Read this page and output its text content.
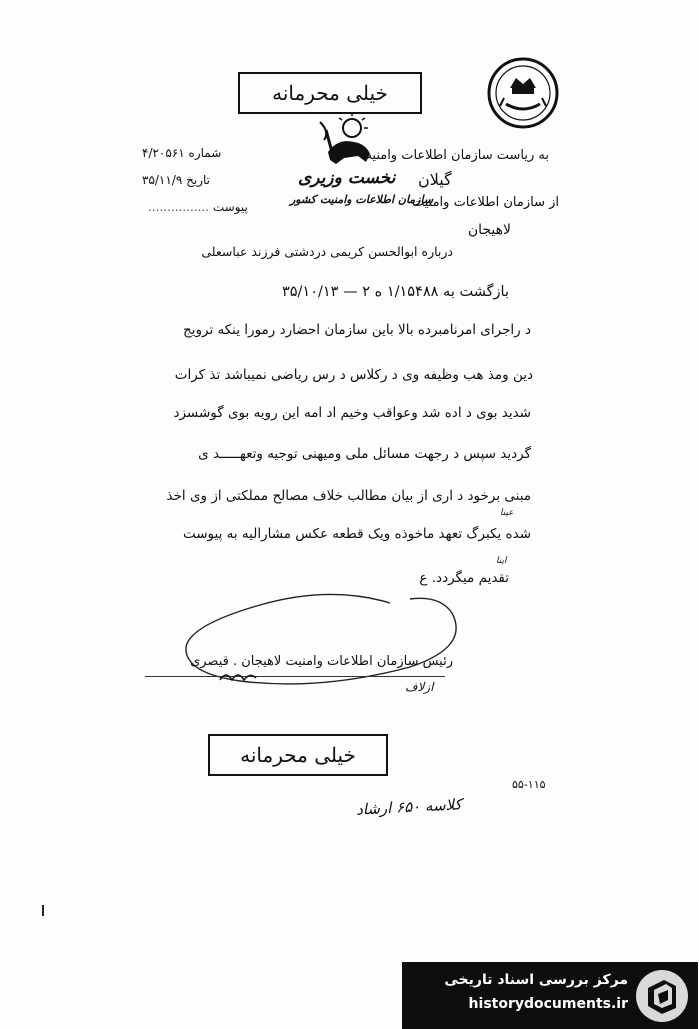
خیلی محرمانه
به ریاست سازمان اطلاعات وامنیت
شماره ۴/۲۰۵۶۱
گیلان
نخست وزیری
تاریخ ۳۵/۱۱/۹
از سازمان اطلاعات وامنیت
سازمان اطلاعات وامنیت کشور
پیوست ................
لاهیجان
درباره ابوالحسن کریمی دردشتی فرزند عباسعلی
بازگشت به ۱/۱۵۴۸۸ ه ۲ — ۳۵/۱۰/۱۳
د راجرای امرنامبرده بالا باین سازمان احضارد رمورا ینکه ترویج
دین ومذ هب وظیفه وی د رکلاس د رس ریاضی نمیباشد تذ کرات
شدید بوی د اده شد وعواقب وخیم اد امه این رویه بوی گوشسزد
گردید سپس د رجهت مسائل ملی ومیهنی توجیه وتعهـــــد ی
مبنی برخود د اری از بیان مطالب خلاف مصالح مملکتی از وی اخذ
شده یکبرگ تعهد ماخوذه ویک قطعه عکس مشارالیه به پیوست
تقدیم میگردد. ع
عینا
اینا
رئیس سازمان اطلاعات وامنیت لاهیجان . قیصری
ازلاف
خیلی محرمانه
۵۵-۱۱۵
کلاسه ۶۵۰ ارشاد
مرکز بررسی اسناد تاریخی
historydocuments.ir
